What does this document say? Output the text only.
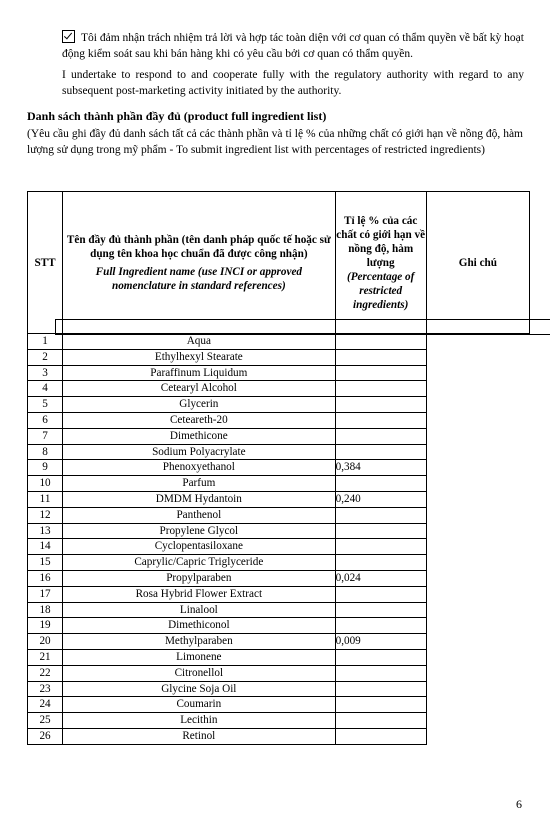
Tôi đảm nhận trách nhiệm trả lời và hợp tác toàn diện với cơ quan có thẩm quyền về bất kỳ hoạt động kiểm soát sau khi bán hàng khi có yêu cầu bởi cơ quan có thẩm quyền.

I undertake to respond to and cooperate fully with the regulatory authority with regard to any subsequent post-marketing activity initiated by the authority.

Danh sách thành phần đầy đủ (product full ingredient list)
(Yêu cầu ghi đầy đủ danh sách tất cả các thành phần và tỉ lệ % của những chất có giới hạn về nồng độ, hàm lượng sử dụng trong mỹ phẩm - To submit ingredient list with percentages of restricted ingredients)
STT	Tên đầy đủ thành phần (tên danh pháp quốc tế hoặc sử dụng tên khoa học chuẩn đã được công nhận)
Full Ingredient name (use INCI or approved nomenclature in standard references)	Tỉ lệ % của các chất có giới hạn về nồng độ, hàm lượng
(Percentage of restricted ingredients)	Ghi chú
1	Aqua		

2	Ethylhexyl Stearate		

3	Paraffinum Liquidum		

4	Cetearyl Alcohol		

5	Glycerin		

6	Ceteareth-20		

7	Dimethicone		

8	Sodium Polyacrylate		

9	Phenoxyethanol	0,384	

10	Parfum		

11	DMDM Hydantoin	0,240	

12	Panthenol		

13	Propylene Glycol		

14	Cyclopentasiloxane		

15	Caprylic/Capric Triglyceride		

16	Propylparaben	0,024	

17	Rosa Hybrid Flower Extract		

18	Linalool		

19	Dimethiconol		

20	Methylparaben	0,009	

21	Limonene		

22	Citronellol		

23	Glycine Soja Oil		

24	Coumarin		

25	Lecithin		

26	Retinol		
6
